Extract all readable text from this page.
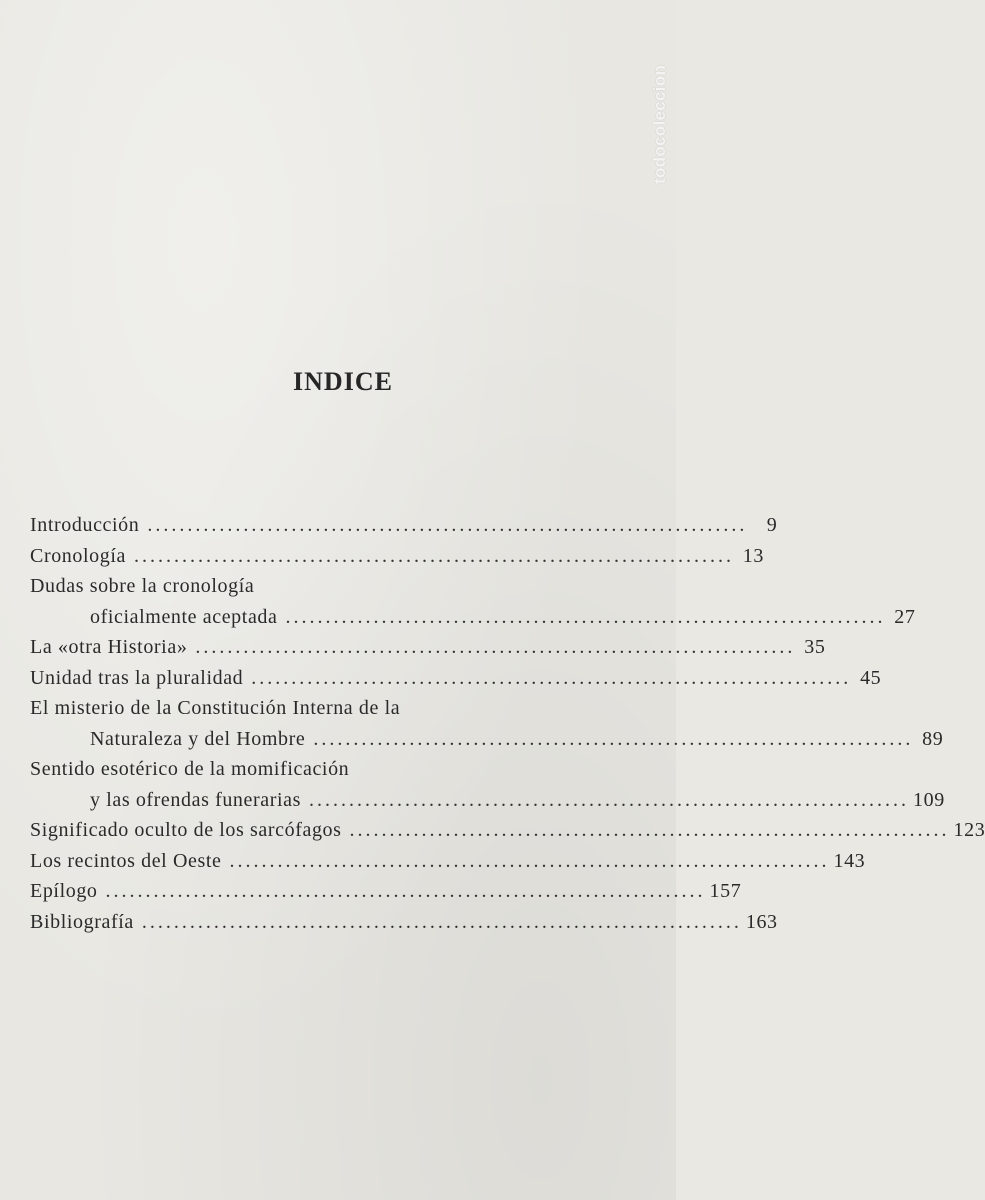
todocoleccion
INDICE
Introducción ........................................................................... 9
Cronología ........................................................................... 13
Dudas sobre la cronología
oficialmente aceptada ........................................................................... 27
La «otra Historia» ........................................................................... 35
Unidad tras la pluralidad ........................................................................... 45
El misterio de la Constitución Interna de la
Naturaleza y del Hombre ........................................................................... 89
Sentido esotérico de la momificación
y las ofrendas funerarias ........................................................................... 109
Significado oculto de los sarcófagos ........................................................................... 123
Los recintos del Oeste ........................................................................... 143
Epílogo ........................................................................... 157
Bibliografía ........................................................................... 163
